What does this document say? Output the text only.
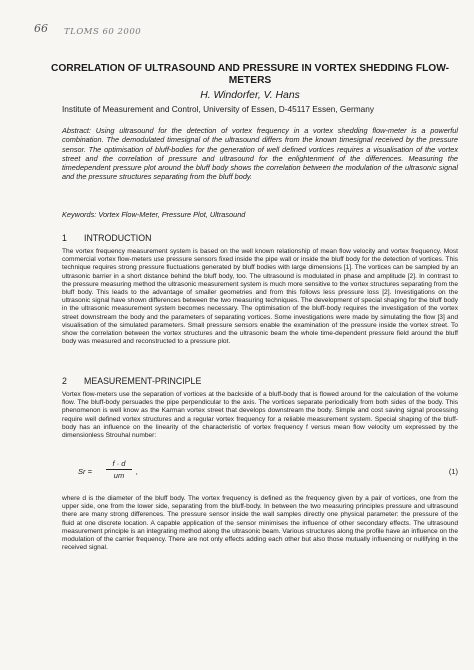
66 TLOMS 60 2000
CORRELATION OF ULTRASOUND AND PRESSURE IN VORTEX SHEDDING FLOW-METERS
H. Windorfer, V. Hans
Institute of Measurement and Control, University of Essen, D-45117 Essen, Germany
Abstract: Using ultrasound for the detection of vortex frequency in a vortex shedding flow-meter is a powerful combination. The demodulated timesignal of the ultrasound differs from the known timesignal received by the pressure sensor. The optimisation of bluff-bodies for the generation of well defined vortices requires a visualisation of the vortex street and the correlation of pressure and ultrasound for the enlightenment of the differences. Measuring the timedependent pressure plot around the bluff body shows the correlation between the modulation of the ultrasonic signal and the pressure structures separating from the bluff body.
Keywords: Vortex Flow-Meter, Pressure Plot, Ultrasound
1 INTRODUCTION
The vortex frequency measurement system is based on the well known relationship of mean flow velocity and vortex frequency. Most commercial vortex flow-meters use pressure sensors fixed inside the pipe wall or inside the bluff body for the detection of vortices. This technique requires strong pressure fluctuations generated by bluff bodies with large dimensions [1]. The vortices can be sampled by an ultrasonic barrier in a short distance behind the bluff body, too. The ultrasound is modulated in phase and amplitude [2]. In contrast to the pressure measuring method the ultrasonic measurement system is much more sensitive to the vortex structures separating from the bluff body. This leads to the advantage of smaller geometries and from this follows less pressure loss [2]. Investigations on the ultrasonic signal have shown differences between the two measuring techniques. The development of special shaping for the bluff body in the ultrasonic measurement system becomes necessary. The optimisation of the bluff-body requires the investigation of the vortex street downstream the body and the parameters of separating vortices. Some investigations were made by simulating the flow [3] and visualisation of the simulated parameters. Small pressure sensors enable the examination of the pressure inside the vortex street. To show the correlation between the vortex structures and the ultrasonic beam the whole time-dependent pressure field around the bluff body was measured and reconstructed to a pressure plot.
2 MEASUREMENT-PRINCIPLE
Vortex flow-meters use the separation of vortices at the backside of a bluff-body that is flowed around for the calculation of the volume flow. The bluff-body persuades the pipe perpendicular to the axis. The vortices separate periodically from both sides of the body. This phenomenon is well know as the Karman vortex street that develops downstream the body. Simple and cost saving signal processing require well defined vortex structures and a regular vortex frequency for a reliable measurement system. Special shaping of the bluff-body has an influence on the linearity of the characteristic of vortex frequency f versus mean flow velocity um expressed by the dimensionless Strouhal number:
$Sr = \frac{f \cdot d}{um}$ ,	(1)
where d is the diameter of the bluff body. The vortex frequency is defined as the frequency given by a pair of vortices, one from the upper side, one from the lower side, separating from the bluff-body. In between the two measuring principles pressure and ultrasound there are many strong differences. The pressure sensor inside the wall samples directly one physical parameter: the pressure of the fluid at one discrete location. A capable application of the sensor minimises the influence of other secondary effects. The ultrasound measurement principle is an integrating method along the ultrasonic beam. Various structures along the profile have an influence on the modulation of the carrier frequency. There are not only effects adding each other but also those mutually influencing or nullifying in the received signal.
